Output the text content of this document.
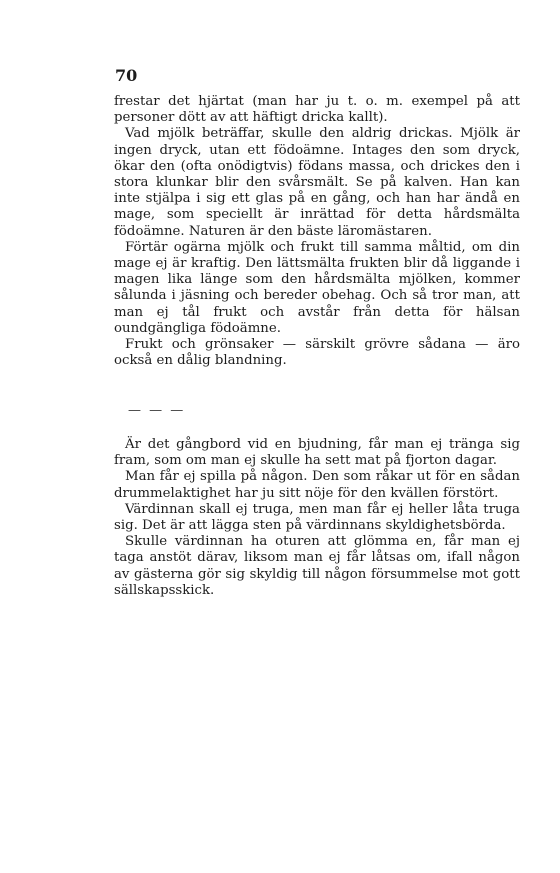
70

frestar det hjärtat (man har ju t. o. m. exempel på att personer dött av att häftigt dricka kallt).

Vad mjölk beträffar, skulle den aldrig drickas. Mjölk är ingen dryck, utan ett födoämne. Intages den som dryck, ökar den (ofta onödigtvis) födans massa, och drickes den i stora klunkar blir den svårsmält. Se på kalven. Han kan inte stjälpa i sig ett glas på en gång, och han har ändå en mage, som speciellt är inrättad för detta hårdsmälta födoämne. Naturen är den bäste läromästaren.

Förtär ogärna mjölk och frukt till samma måltid, om din mage ej är kraftig. Den lättsmälta frukten blir då liggande i magen lika länge som den hårdsmälta mjölken, kommer sålunda i jäsning och bereder obehag. Och så tror man, att man ej tål frukt och avstår från detta för hälsan oundgängliga födoämne.

Frukt och grönsaker — särskilt grövre sådana — äro också en dålig blandning.

— — —

Är det gångbord vid en bjudning, får man ej tränga sig fram, som om man ej skulle ha sett mat på fjorton dagar.

Man får ej spilla på någon. Den som råkar ut för en sådan drummelaktighet har ju sitt nöje för den kvällen förstört.

Värdinnan skall ej truga, men man får ej heller låta truga sig. Det är att lägga sten på värdinnans skyldighetsbörda.

Skulle värdinnan ha oturen att glömma en, får man ej taga anstöt därav, liksom man ej får låtsas om, ifall någon av gästerna gör sig skyldig till någon försummelse mot gott sällskapsskick.
